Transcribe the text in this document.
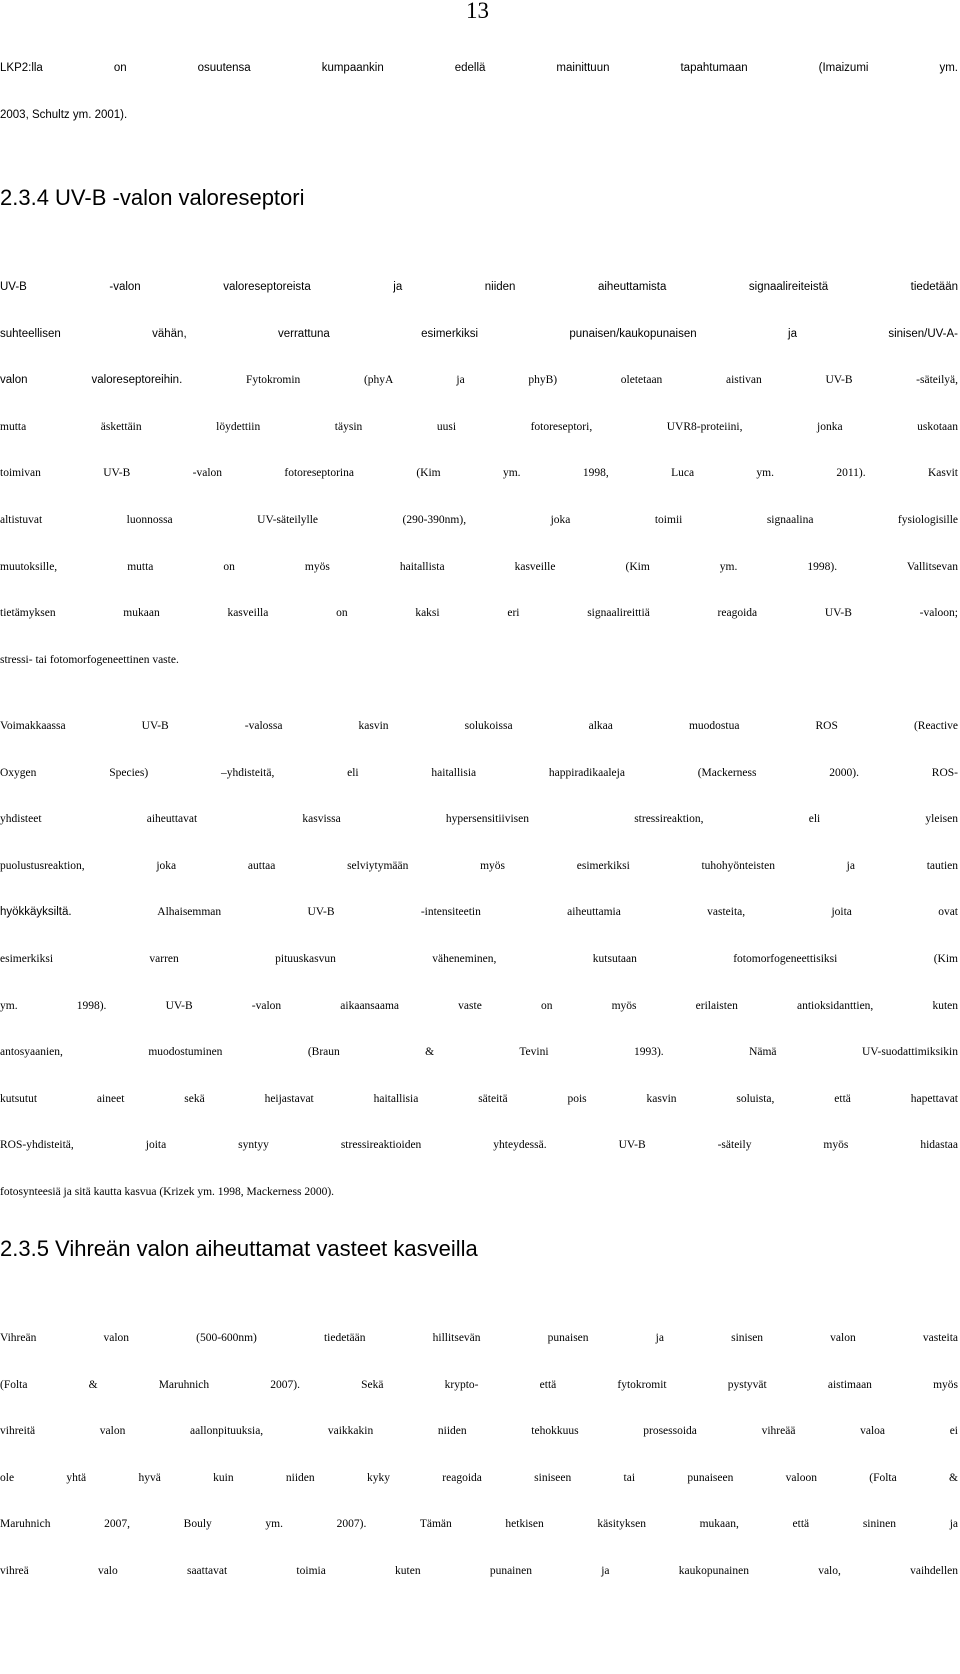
13
LKP2:lla on osuutensa kumpaankin edellä mainittuun tapahtumaan (Imaizumi ym.
2003, Schultz ym. 2001).
2.3.4 UV-B -valon valoreseptori
UV-B -valon valoreseptoreista ja niiden aiheuttamista signaalireiteistä tiedetään
suhteellisen vähän, verrattuna esimerkiksi punaisen/kaukopunaisen ja sinisen/UV-A-
valon valoreseptoreihin. Fytokromin (phyA ja phyB) oletetaan aistivan UV-B -säteilyä,
mutta äskettäin löydettiin täysin uusi fotoreseptori, UVR8-proteiini, jonka uskotaan
toimivan UV-B -valon fotoreseptorina (Kim ym. 1998, Luca ym. 2011). Kasvit
altistuvat luonnossa UV-säteilylle (290-390nm), joka toimii signaalina fysiologisille
muutoksille, mutta on myös haitallista kasveille (Kim ym. 1998). Vallitsevan
tietämyksen mukaan kasveilla on kaksi eri signaalireittiä reagoida UV-B -valoon;
stressi- tai fotomorfogeneettinen vaste.
Voimakkaassa UV-B -valossa kasvin solukoissa alkaa muodostua ROS (Reactive
Oxygen Species) –yhdisteitä, eli haitallisia happiradikaaleja (Mackerness 2000). ROS-
yhdisteet aiheuttavat kasvissa hypersensitiivisen stressireaktion, eli yleisen
puolustusreaktion, joka auttaa selviytymään myös esimerkiksi tuhohyönteisten ja tautien
hyökkäyksiltä. Alhaisemman UV-B -intensiteetin aiheuttamia vasteita, joita ovat
esimerkiksi varren pituuskasvun väheneminen, kutsutaan fotomorfogeneettisiksi (Kim
ym. 1998). UV-B -valon aikaansaama vaste on myös erilaisten antioksidanttien, kuten
antosyaanien, muodostuminen (Braun & Tevini 1993). Nämä UV-suodattimiksikin
kutsutut aineet sekä heijastavat haitallisia säteitä pois kasvin soluista, että hapettavat
ROS-yhdisteitä, joita syntyy stressireaktioiden yhteydessä. UV-B -säteily myös hidastaa
fotosynteesiä ja sitä kautta kasvua (Krizek ym. 1998, Mackerness 2000).
2.3.5 Vihreän valon aiheuttamat vasteet kasveilla
Vihreän valon (500-600nm) tiedetään hillitsevän punaisen ja sinisen valon vasteita
(Folta & Maruhnich 2007). Sekä krypto- että fytokromit pystyvät aistimaan myös
vihreitä valon aallonpituuksia, vaikkakin niiden tehokkuus prosessoida vihreää valoa ei
ole yhtä hyvä kuin niiden kyky reagoida siniseen tai punaiseen valoon (Folta &
Maruhnich 2007, Bouly ym. 2007). Tämän hetkisen käsityksen mukaan, että sininen ja
vihreä valo saattavat toimia kuten punainen ja kaukopunainen valo, vaihdellen
